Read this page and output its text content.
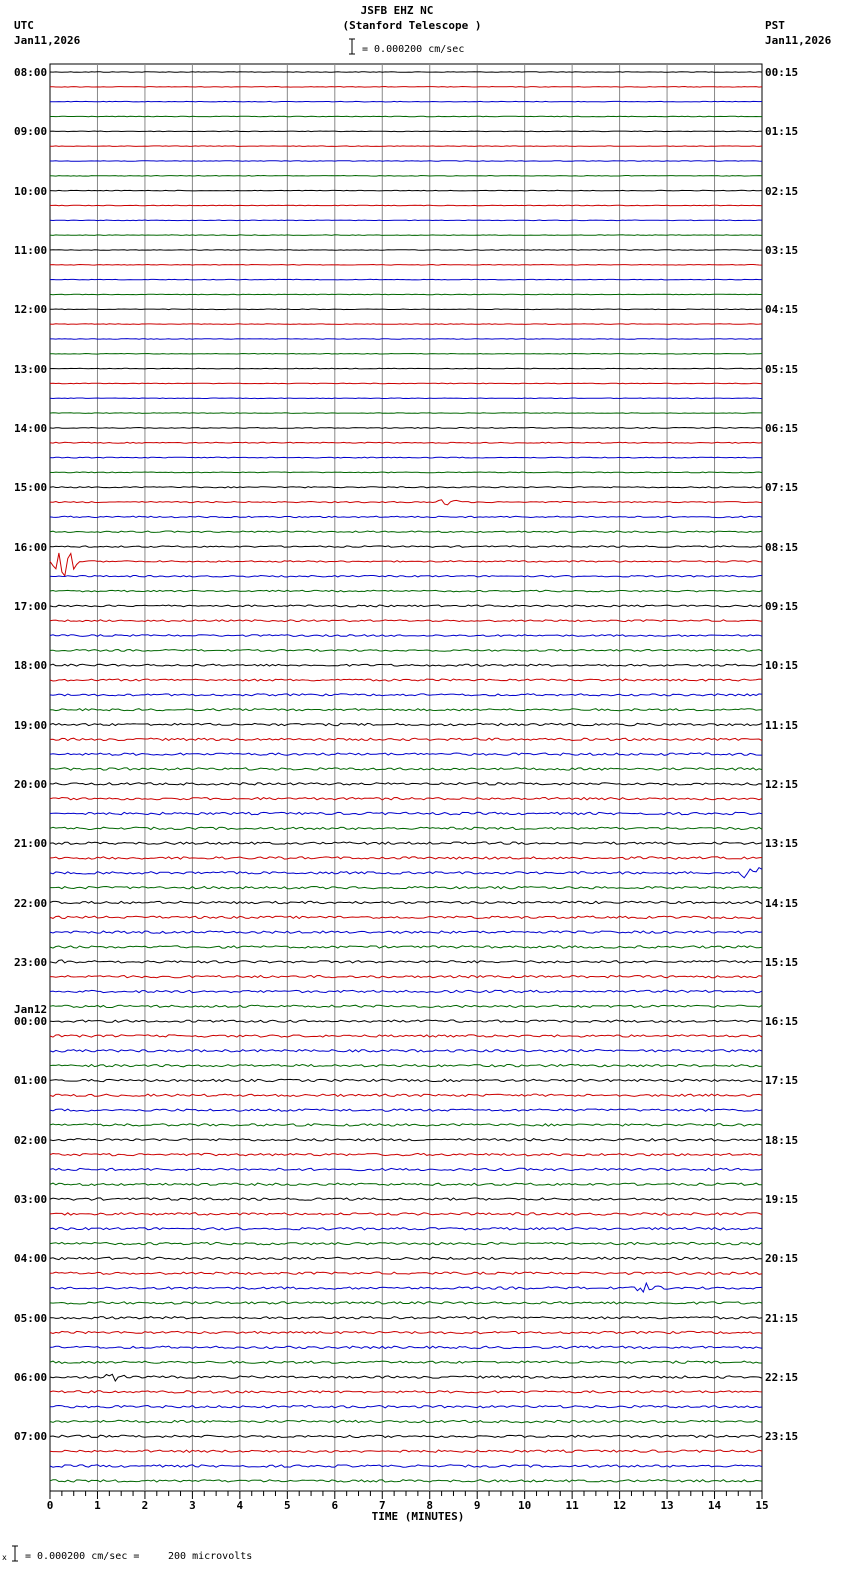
0	1	2	3	4	5	6	7	8	9	10	11	12	13	14	15
JSFB EHZ NC
(Stanford Telescope )
UTC
Jan11,2026
PST
Jan11,2026
= 0.000200 cm/sec
08:00
09:00
10:00
11:00
12:00
13:00
14:00
15:00
16:00
17:00
18:00
19:00
20:00
21:00
22:00
23:00
00:00
01:00
02:00
03:00
04:00
05:00
06:00
07:00
00:15
01:15
02:15
03:15
04:15
05:15
06:15
07:15
08:15
09:15
10:15
11:15
12:15
13:15
14:15
15:15
16:15
17:15
18:15
19:15
20:15
21:15
22:15
23:15
Jan12
TIME (MINUTES)
x = 0.000200 cm/sec =	200 microvolts
